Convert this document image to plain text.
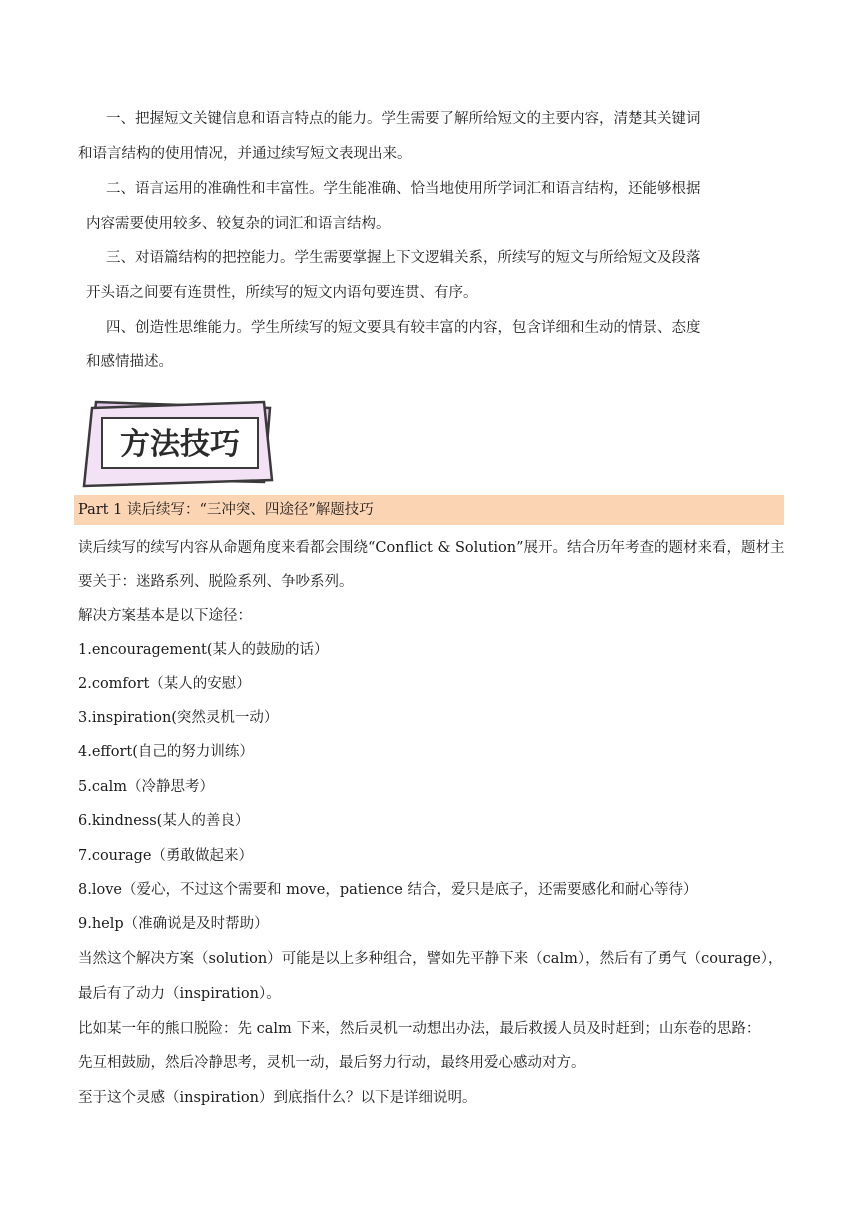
一、把握短文关键信息和语言特点的能力。学生需要了解所给短文的主要内容，清楚其关键词

和语言结构的使用情况，并通过续写短文表现出来。

二、语言运用的准确性和丰富性。学生能准确、恰当地使用所学词汇和语言结构，还能够根据

内容需要使用较多、较复杂的词汇和语言结构。

三、对语篇结构的把控能力。学生需要掌握上下文逻辑关系，所续写的短文与所给短文及段落

开头语之间要有连贯性，所续写的短文内语句要连贯、有序。

四、创造性思维能力。学生所续写的短文要具有较丰富的内容，包含详细和生动的情景、态度

和感情描述。

方法技巧
Part 1 读后续写：“三冲突、四途径”解题技巧

读后续写的续写内容从命题角度来看都会围绕“Conflict & Solution”展开。结合历年考查的题材来看，题材主

要关于：迷路系列、脱险系列、争吵系列。

解决方案基本是以下途径：

1.encouragement(某人的鼓励的话）

2.comfort（某人的安慰）

3.inspiration(突然灵机一动）

4.effort(自己的努力训练）

5.calm（冷静思考）

6.kindness(某人的善良）

7.courage（勇敢做起来）

8.love（爱心，不过这个需要和 move，patience 结合，爱只是底子，还需要感化和耐心等待）

9.help（准确说是及时帮助）

当然这个解决方案（solution）可能是以上多种组合，譬如先平静下来（calm），然后有了勇气（courage），

最后有了动力（inspiration）。

比如某一年的熊口脱险：先 calm 下来，然后灵机一动想出办法，最后救援人员及时赶到；山东卷的思路：

先互相鼓励，然后冷静思考，灵机一动，最后努力行动，最终用爱心感动对方。

至于这个灵感（inspiration）到底指什么？以下是详细说明。
